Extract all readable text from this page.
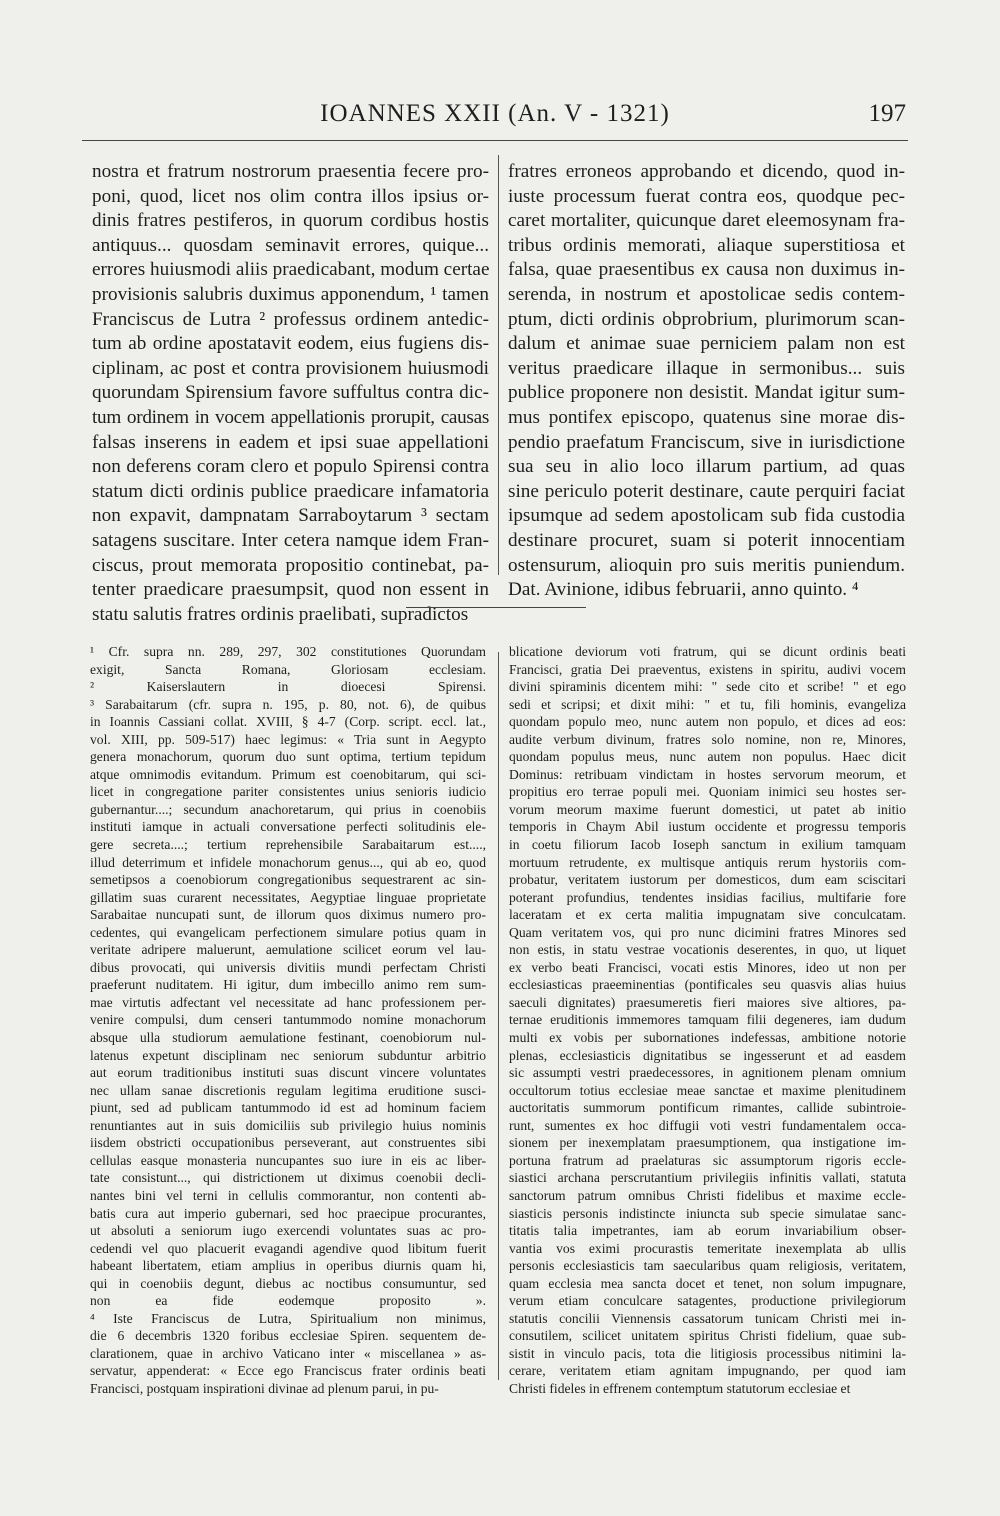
IOANNES XXII (An. V - 1321)	197
nostra et fratrum nostrorum praesentia fecere pro-
poni, quod, licet nos olim contra illos ipsius or-
dinis fratres pestiferos, in quorum cordibus hostis
antiquus... quosdam seminavit errores, quique...
errores huiusmodi aliis praedicabant, modum certae
provisionis salubris duximus apponendum, ¹ tamen
Franciscus de Lutra ² professus ordinem antedic-
tum ab ordine apostatavit eodem, eius fugiens dis-
ciplinam, ac post et contra provisionem huiusmodi
quorundam Spirensium favore suffultus contra dic-
tum ordinem in vocem appellationis prorupit, causas
falsas inserens in eadem et ipsi suae appellationi
non deferens coram clero et populo Spirensi contra
statum dicti ordinis publice praedicare infamatoria
non expavit, dampnatam Sarraboytarum ³ sectam
satagens suscitare. Inter cetera namque idem Fran-
ciscus, prout memorata propositio continebat, pa-
tenter praedicare praesumpsit, quod non essent in
statu salutis fratres ordinis praelibati, supradictos
fratres erroneos approbando et dicendo, quod in-
iuste processum fuerat contra eos, quodque pec-
caret mortaliter, quicunque daret eleemosynam fra-
tribus ordinis memorati, aliaque superstitiosa et
falsa, quae praesentibus ex causa non duximus in-
serenda, in nostrum et apostolicae sedis contem-
ptum, dicti ordinis obprobrium, plurimorum scan-
dalum et animae suae perniciem palam non est
veritus praedicare illaque in sermonibus... suis
publice proponere non desistit. Mandat igitur sum-
mus pontifex episcopo, quatenus sine morae dis-
pendio praefatum Franciscum, sive in iurisdictione
sua seu in alio loco illarum partium, ad quas
sine periculo poterit destinare, caute perquiri faciat
ipsumque ad sedem apostolicam sub fida custodia
destinare procuret, suam si poterit innocentiam
ostensurum, alioquin pro suis meritis puniendum.
Dat. Avinione, idibus februarii, anno quinto. ⁴
¹ Cfr. supra nn. 289, 297, 302 constitutiones Quorundam
exigit, Sancta Romana, Gloriosam ecclesiam.
² Kaiserslautern in dioecesi Spirensi.
³ Sarabaitarum (cfr. supra n. 195, p. 80, not. 6), de quibus
in Ioannis Cassiani collat. XVIII, § 4-7 (Corp. script. eccl. lat.,
vol. XIII, pp. 509-517) haec legimus: « Tria sunt in Aegypto
genera monachorum, quorum duo sunt optima, tertium tepidum
atque omnimodis evitandum. Primum est coenobitarum, qui sci-
licet in congregatione pariter consistentes unius senioris iudicio
gubernantur....; secundum anachoretarum, qui prius in coenobiis
instituti iamque in actuali conversatione perfecti solitudinis ele-
gere secreta....; tertium reprehensibile Sarabaitarum est....,
illud deterrimum et infidele monachorum genus..., qui ab eo, quod
semetipsos a coenobiorum congregationibus sequestrarent ac sin-
gillatim suas curarent necessitates, Aegyptiae linguae proprietate
Sarabaitae nuncupati sunt, de illorum quos diximus numero pro-
cedentes, qui evangelicam perfectionem simulare potius quam in
veritate adripere maluerunt, aemulatione scilicet eorum vel lau-
dibus provocati, qui universis divitiis mundi perfectam Christi
praeferunt nuditatem. Hi igitur, dum imbecillo animo rem sum-
mae virtutis adfectant vel necessitate ad hanc professionem per-
venire compulsi, dum censeri tantummodo nomine monachorum
absque ulla studiorum aemulatione festinant, coenobiorum nul-
latenus expetunt disciplinam nec seniorum subduntur arbitrio
aut eorum traditionibus instituti suas discunt vincere voluntates
nec ullam sanae discretionis regulam legitima eruditione susci-
piunt, sed ad publicam tantummodo id est ad hominum faciem
renuntiantes aut in suis domiciliis sub privilegio huius nominis
iisdem obstricti occupationibus perseverant, aut construentes sibi
cellulas easque monasteria nuncupantes suo iure in eis ac liber-
tate consistunt..., qui districtionem ut diximus coenobii decli-
nantes bini vel terni in cellulis commorantur, non contenti ab-
batis cura aut imperio gubernari, sed hoc praecipue procurantes,
ut absoluti a seniorum iugo exercendi voluntates suas ac pro-
cedendi vel quo placuerit evagandi agendive quod libitum fuerit
habeant libertatem, etiam amplius in operibus diurnis quam hi,
qui in coenobiis degunt, diebus ac noctibus consumuntur, sed
non ea fide eodemque proposito ».
⁴ Iste Franciscus de Lutra, Spiritualium non minimus,
die 6 decembris 1320 foribus ecclesiae Spiren. sequentem de-
clarationem, quae in archivo Vaticano inter « miscellanea » as-
servatur, appenderat: « Ecce ego Franciscus frater ordinis beati
Francisci, postquam inspirationi divinae ad plenum parui, in pu-
blicatione deviorum voti fratrum, qui se dicunt ordinis beati
Francisci, gratia Dei praeventus, existens in spiritu, audivi vocem
divini spiraminis dicentem mihi: " sede cito et scribe! " et ego
sedi et scripsi; et dixit mihi: " et tu, fili hominis, evangeliza
quondam populo meo, nunc autem non populo, et dices ad eos:
audite verbum divinum, fratres solo nomine, non re, Minores,
quondam populus meus, nunc autem non populus. Haec dicit
Dominus: retribuam vindictam in hostes servorum meorum, et
propitius ero terrae populi mei. Quoniam inimici seu hostes ser-
vorum meorum maxime fuerunt domestici, ut patet ab initio
temporis in Chaym Abil iustum occidente et progressu temporis
in coetu filiorum Iacob Ioseph sanctum in exilium tamquam
mortuum retrudente, ex multisque antiquis rerum hystoriis com-
probatur, veritatem iustorum per domesticos, dum eam sciscitari
poterant profundius, tendentes insidias facilius, multifarie fore
laceratam et ex certa malitia impugnatam sive conculcatam.
Quam veritatem vos, qui pro nunc dicimini fratres Minores sed
non estis, in statu vestrae vocationis deserentes, in quo, ut liquet
ex verbo beati Francisci, vocati estis Minores, ideo ut non per
ecclesiasticas praeeminentias (pontificales seu quasvis alias huius
saeculi dignitates) praesumeretis fieri maiores sive altiores, pa-
ternae eruditionis immemores tamquam filii degeneres, iam dudum
multi ex vobis per subornationes indefessas, ambitione notorie
plenas, ecclesiasticis dignitatibus se ingesserunt et ad easdem
sic assumpti vestri praedecessores, in agnitionem plenam omnium
occultorum totius ecclesiae meae sanctae et maxime plenitudinem
auctoritatis summorum pontificum rimantes, callide subintroie-
runt, sumentes ex hoc diffugii voti vestri fundamentalem occa-
sionem per inexemplatam praesumptionem, qua instigatione im-
portuna fratrum ad praelaturas sic assumptorum rigoris eccle-
siastici archana perscrutantium privilegiis infinitis vallati, statuta
sanctorum patrum omnibus Christi fidelibus et maxime eccle-
siasticis personis indistincte iniuncta sub specie simulatae sanc-
titatis talia impetrantes, iam ab eorum invariabilium obser-
vantia vos eximi procurastis temeritate inexemplata ab ullis
personis ecclesiasticis tam saecularibus quam religiosis, veritatem,
quam ecclesia mea sancta docet et tenet, non solum impugnare,
verum etiam conculcare satagentes, productione privilegiorum
statutis concilii Viennensis cassatorum tunicam Christi mei in-
consutilem, scilicet unitatem spiritus Christi fidelium, quae sub-
sistit in vinculo pacis, tota die litigiosis processibus nitimini la-
cerare, veritatem etiam agnitam impugnando, per quod iam
Christi fideles in effrenem contemptum statutorum ecclesiae et
